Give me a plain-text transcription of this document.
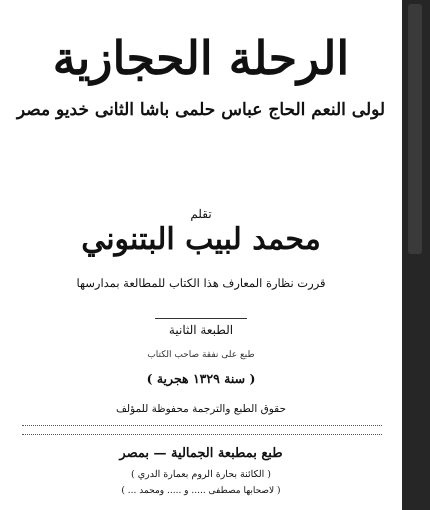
الرحلة الحجازية
لولى النعم الحاج عباس حلمى باشا الثانى خديو مصر
تقلم
محمد لبيب البتنوني
قررت نظارة المعارف هذا الكتاب للمطالعة بمدارسها
الطبعة الثانية
طبع على نفقة صاحب الكتاب
( سنة ١٣٢٩ هجرية )
حقوق الطبع والترجمة محفوظة للمؤلف
طبع بمطبعة الجمالية — بمصر
( الكائنة بحارة الروم بعمارة الدري )
( لاصحابها مصطفى ..... و ..... ومحمد ... )
